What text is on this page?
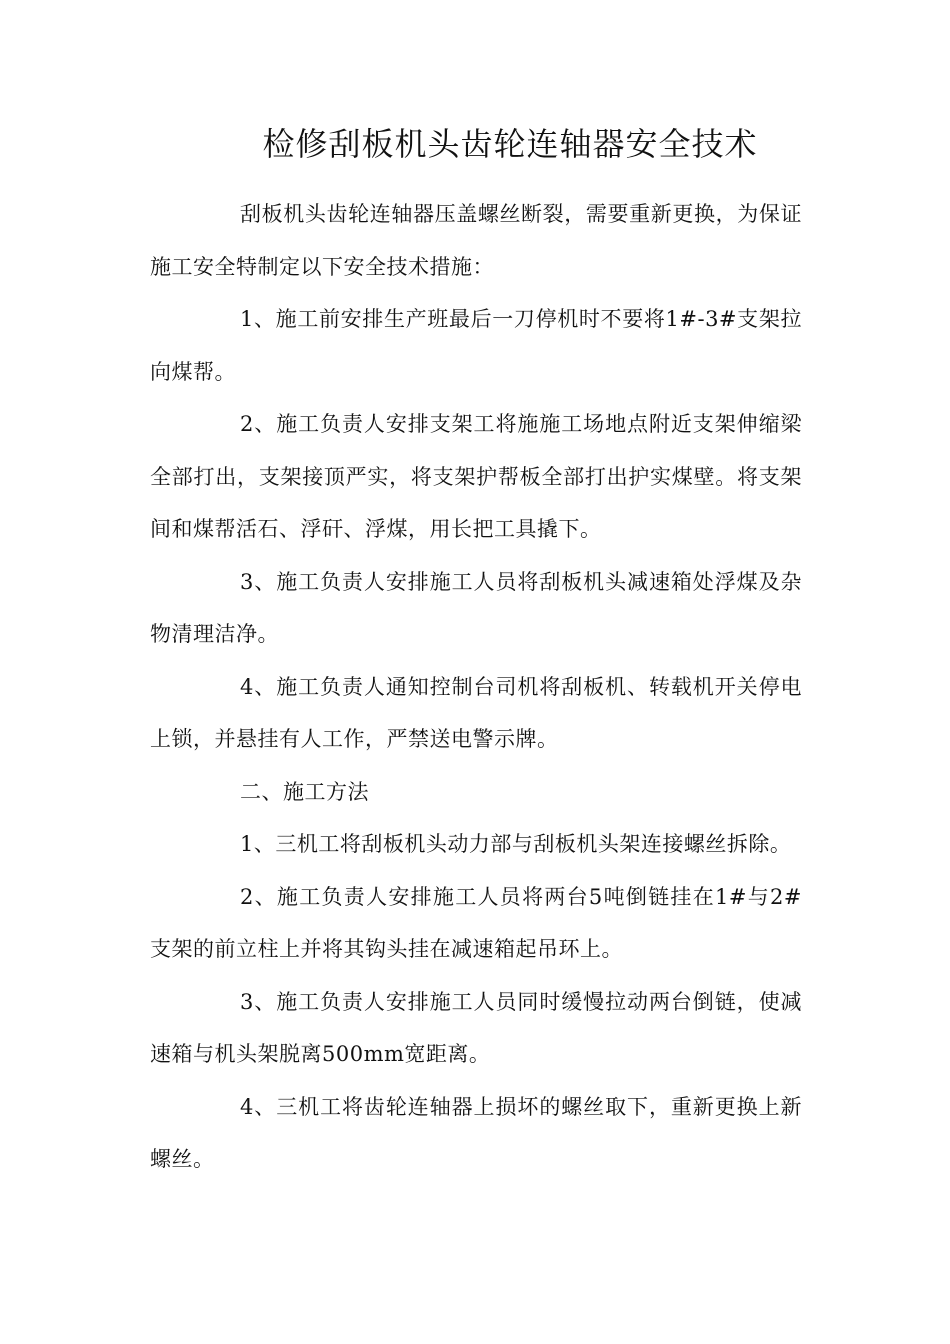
检修刮板机头齿轮连轴器安全技术

刮板机头齿轮连轴器压盖螺丝断裂，需要重新更换，为保证施工安全特制定以下安全技术措施：

1、施工前安排生产班最后一刀停机时不要将1#-3#支架拉向煤帮。

2、施工负责人安排支架工将施施工场地点附近支架伸缩梁全部打出，支架接顶严实，将支架护帮板全部打出护实煤壁。将支架间和煤帮活石、浮矸、浮煤，用长把工具撬下。

3、施工负责人安排施工人员将刮板机头减速箱处浮煤及杂物清理洁净。

4、施工负责人通知控制台司机将刮板机、转载机开关停电上锁，并悬挂有人工作，严禁送电警示牌。

二、施工方法

1、三机工将刮板机头动力部与刮板机头架连接螺丝拆除。

2、施工负责人安排施工人员将两台5吨倒链挂在1#与2#支架的前立柱上并将其钩头挂在减速箱起吊环上。

3、施工负责人安排施工人员同时缓慢拉动两台倒链，使减速箱与机头架脱离500mm宽距离。

4、三机工将齿轮连轴器上损坏的螺丝取下，重新更换上新螺丝。
